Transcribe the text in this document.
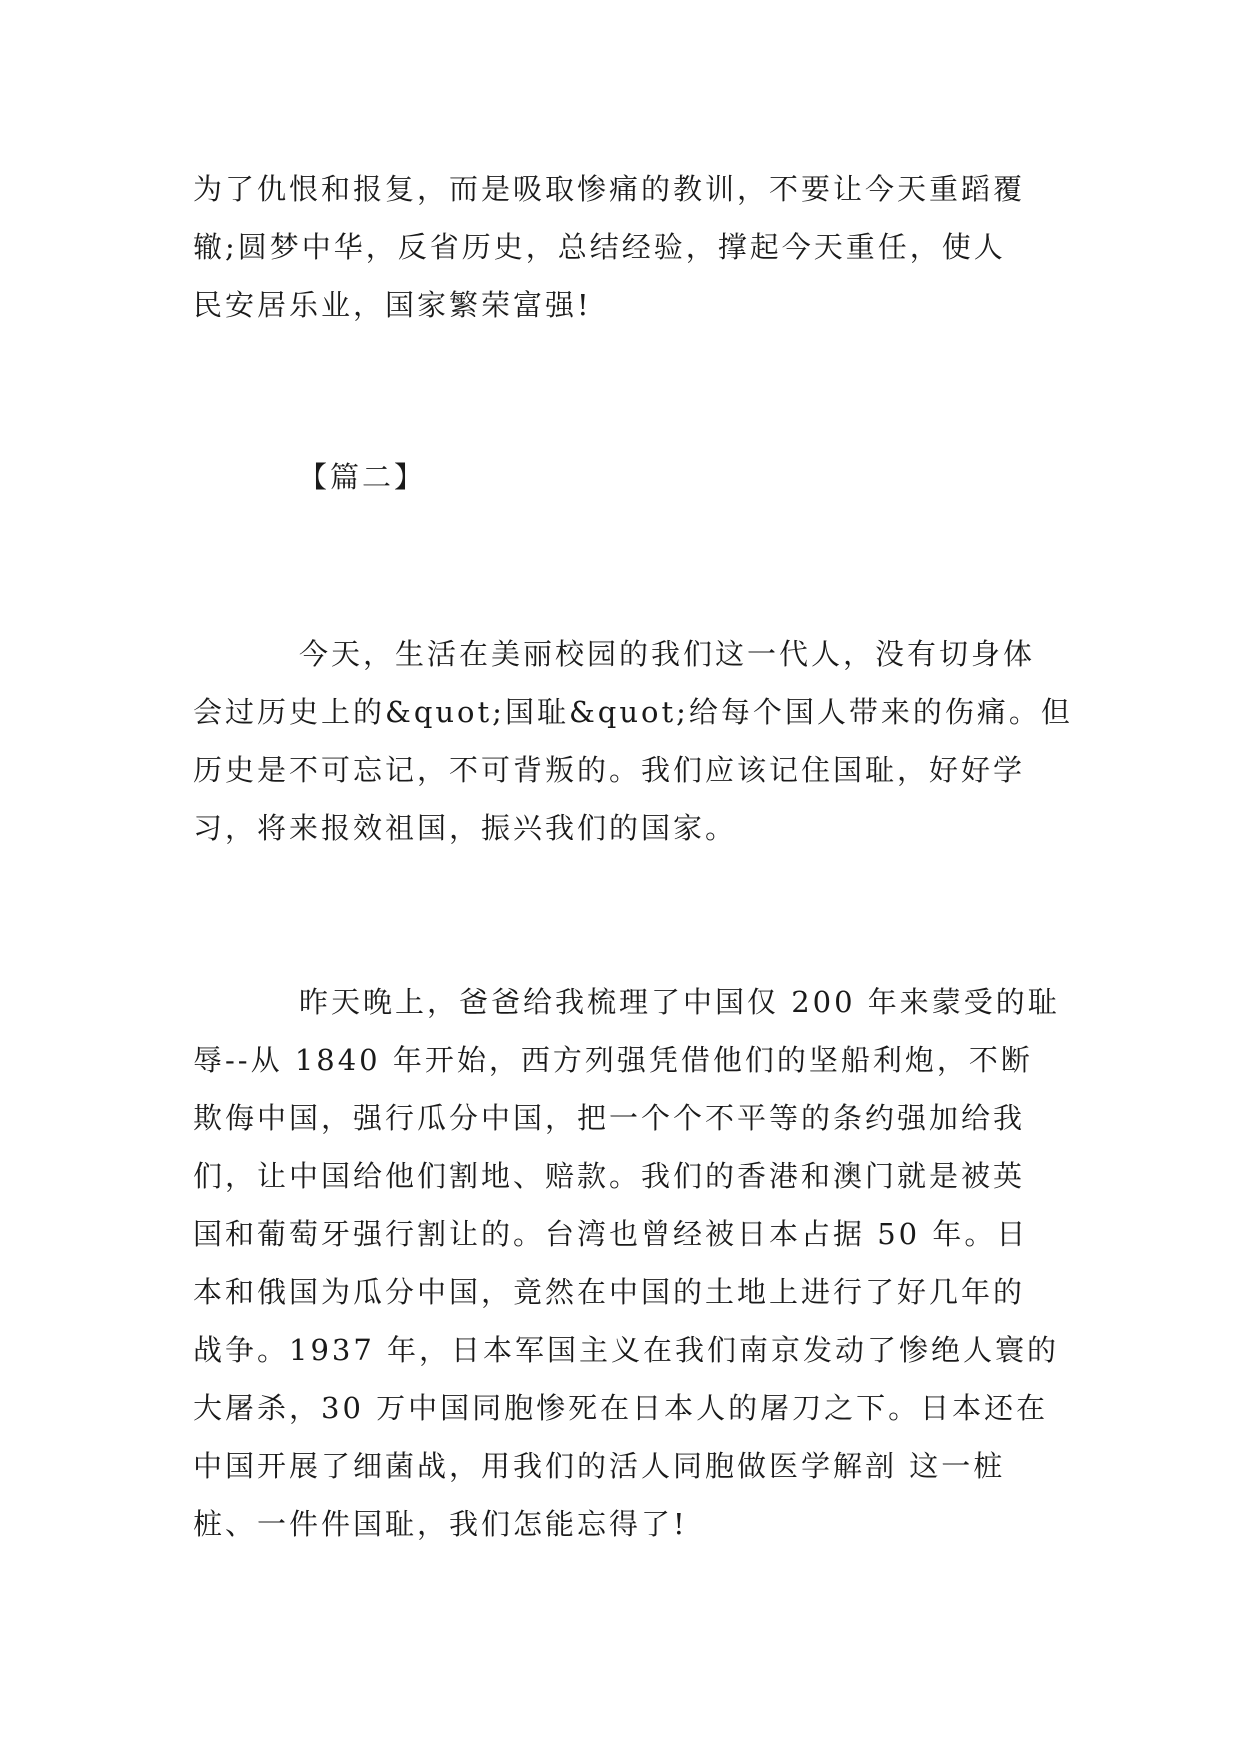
为了仇恨和报复，而是吸取惨痛的教训，不要让今天重蹈覆
辙;圆梦中华，反省历史，总结经验，撑起今天重任，使人
民安居乐业，国家繁荣富强!
【篇二】
今天，生活在美丽校园的我们这一代人，没有切身体
会过历史上的&quot;国耻&quot;给每个国人带来的伤痛。但
历史是不可忘记，不可背叛的。我们应该记住国耻，好好学
习，将来报效祖国，振兴我们的国家。
昨天晚上，爸爸给我梳理了中国仅 200 年来蒙受的耻
辱--从 1840 年开始，西方列强凭借他们的坚船利炮，不断
欺侮中国，强行瓜分中国，把一个个不平等的条约强加给我
们，让中国给他们割地、赔款。我们的香港和澳门就是被英
国和葡萄牙强行割让的。台湾也曾经被日本占据 50 年。日
本和俄国为瓜分中国，竟然在中国的土地上进行了好几年的
战争。1937 年，日本军国主义在我们南京发动了惨绝人寰的
大屠杀，30 万中国同胞惨死在日本人的屠刀之下。日本还在
中国开展了细菌战，用我们的活人同胞做医学解剖 这一桩
桩、一件件国耻，我们怎能忘得了!
